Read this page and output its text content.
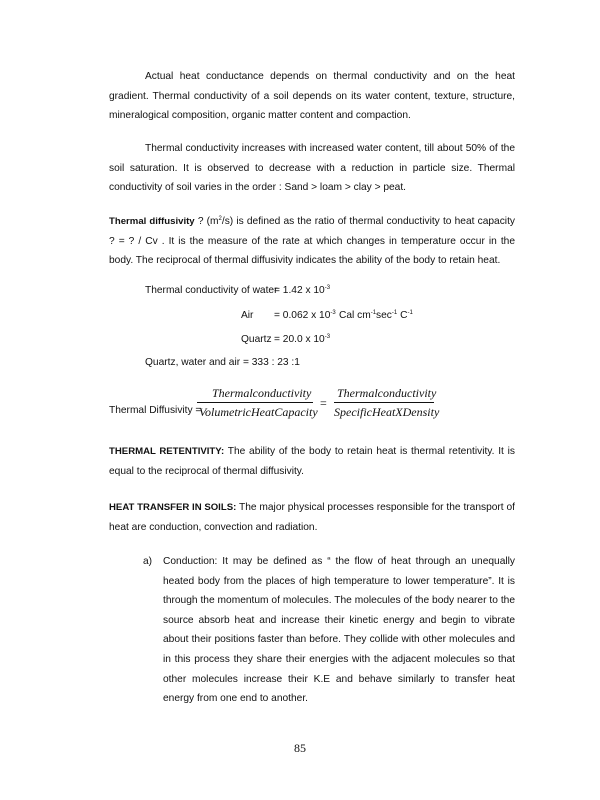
Actual heat conductance depends on thermal conductivity and on the heat gradient. Thermal conductivity of a soil depends on its water content, texture, structure, mineralogical composition, organic matter content and compaction.
Thermal conductivity increases with increased water content, till about 50% of the soil saturation. It is observed to decrease with a reduction in particle size. Thermal conductivity of soil varies in the order : Sand > loam > clay > peat.
Thermal diffusivity ? $(m^2/s)$ is defined as the ratio of thermal conductivity to heat capacity ? = ? / Cv . It is the measure of the rate at which changes in temperature occur in the body. The reciprocal of thermal diffusivity indicates the ability of the body to retain heat.
Thermal conductivity of water
= 1.42 x $10^{-3}$
Air = 0.062 x $10^{-3}$ Cal $cm^{-1}\sec^{-1}$ $C^{-1}$
Quartz = 20.0 x $10^{-3}$
Quartz, water and air = 333 : 23 :1
Thermal Diffusivity =
Thermalconductivity
VolumetricHeatCapacity
=
Thermalconductivity
SpecificHeatXDensity
THERMAL RETENTIVITY: The ability of the body to retain heat is thermal retentivity. It is equal to the reciprocal of thermal diffusivity.
HEAT TRANSFER IN SOILS: The major physical processes responsible for the transport of heat are conduction, convection and radiation.
a) Conduction: It may be defined as “ the flow of heat through an unequally heated body from the places of high temperature to lower temperature”. It is through the momentum of molecules. The molecules of the body nearer to the source absorb heat and increase their kinetic energy and begin to vibrate about their positions faster than before. They collide with other molecules and in this process they share their energies with the adjacent molecules so that other molecules increase their K.E and behave similarly to transfer heat energy from one end to another.
85
